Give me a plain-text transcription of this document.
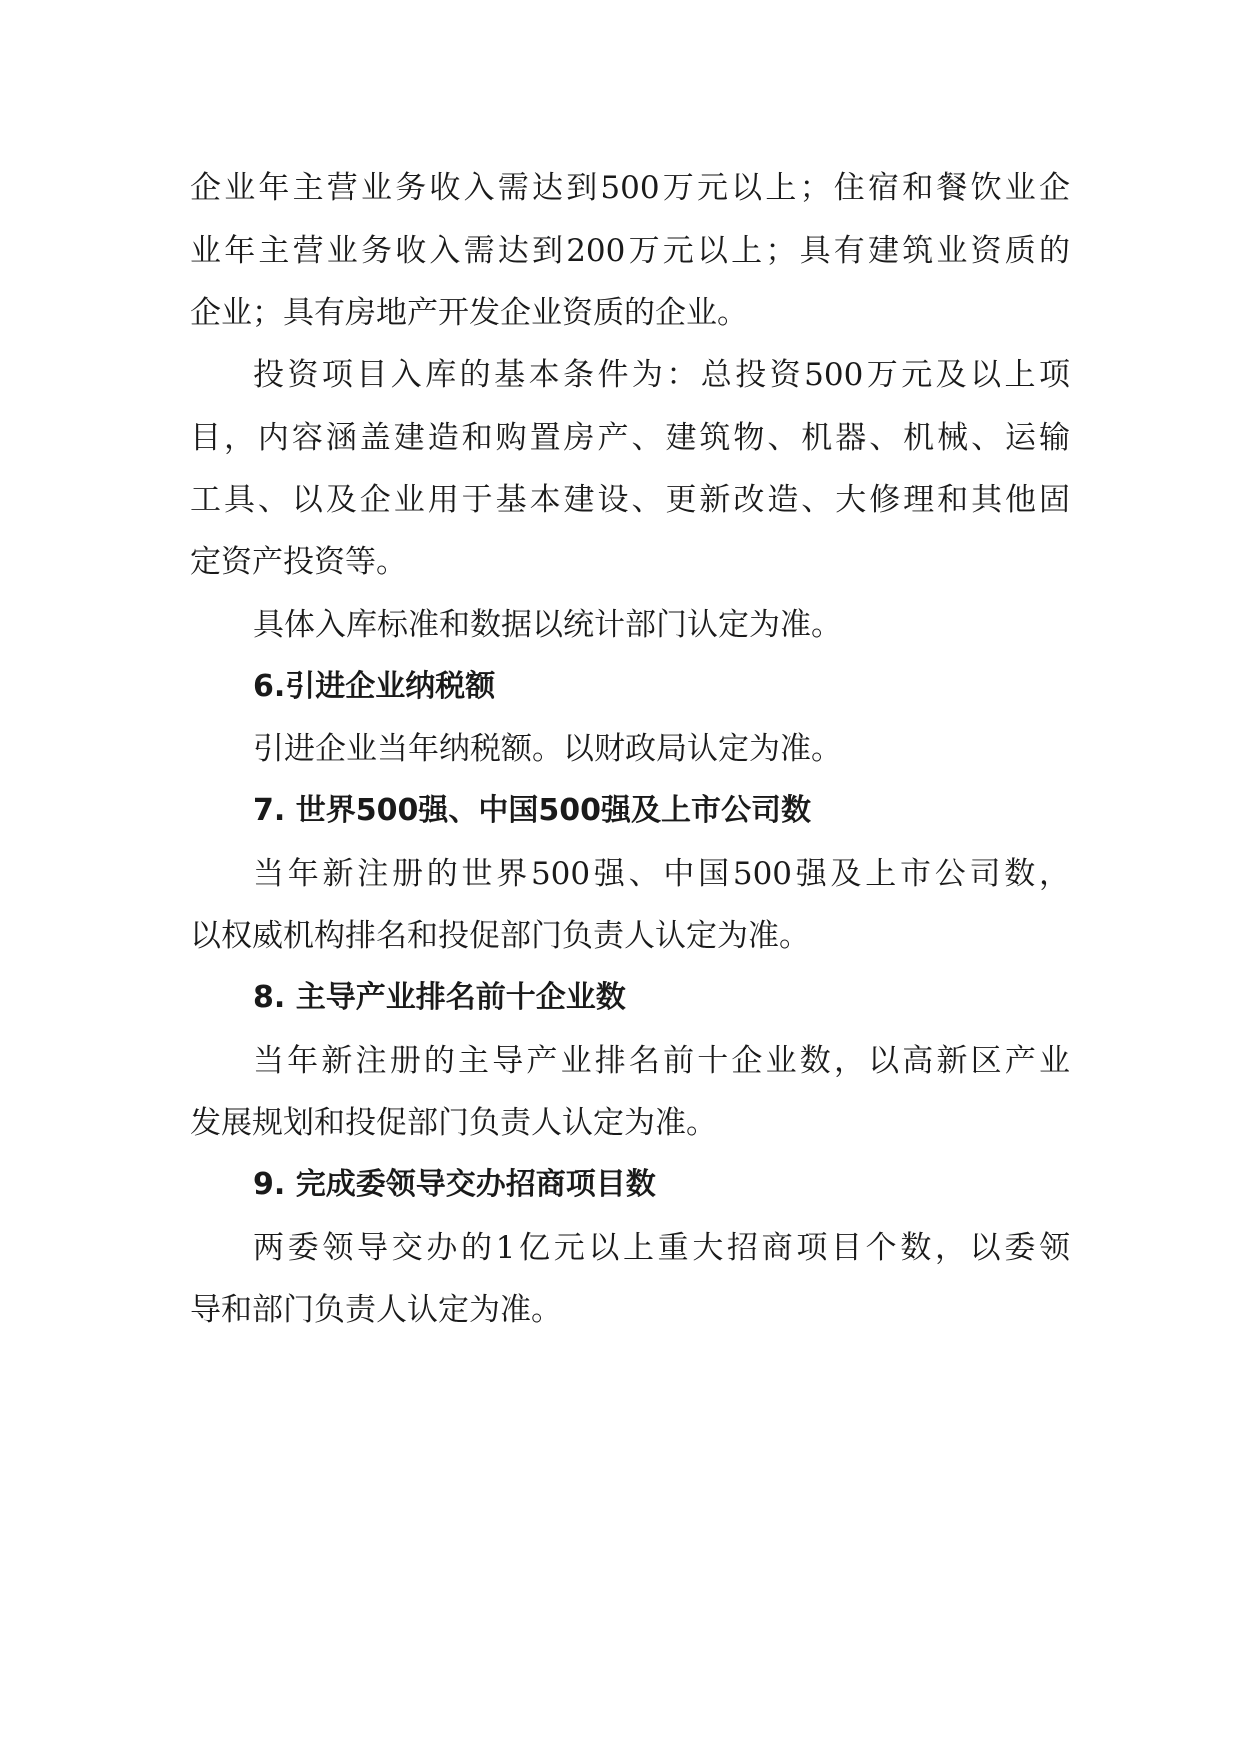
企业年主营业务收入需达到500万元以上；住宿和餐饮业企
业年主营业务收入需达到200万元以上；具有建筑业资质的
企业；具有房地产开发企业资质的企业。
投资项目入库的基本条件为：总投资500万元及以上项
目，内容涵盖建造和购置房产、建筑物、机器、机械、运输
工具、以及企业用于基本建设、更新改造、大修理和其他固
定资产投资等。
具体入库标准和数据以统计部门认定为准。
6.引进企业纳税额
引进企业当年纳税额。以财政局认定为准。
7. 世界500强、中国500强及上市公司数
当年新注册的世界500强、中国500强及上市公司数，
以权威机构排名和投促部门负责人认定为准。
8. 主导产业排名前十企业数
当年新注册的主导产业排名前十企业数，以高新区产业
发展规划和投促部门负责人认定为准。
9. 完成委领导交办招商项目数
两委领导交办的1亿元以上重大招商项目个数，以委领
导和部门负责人认定为准。
